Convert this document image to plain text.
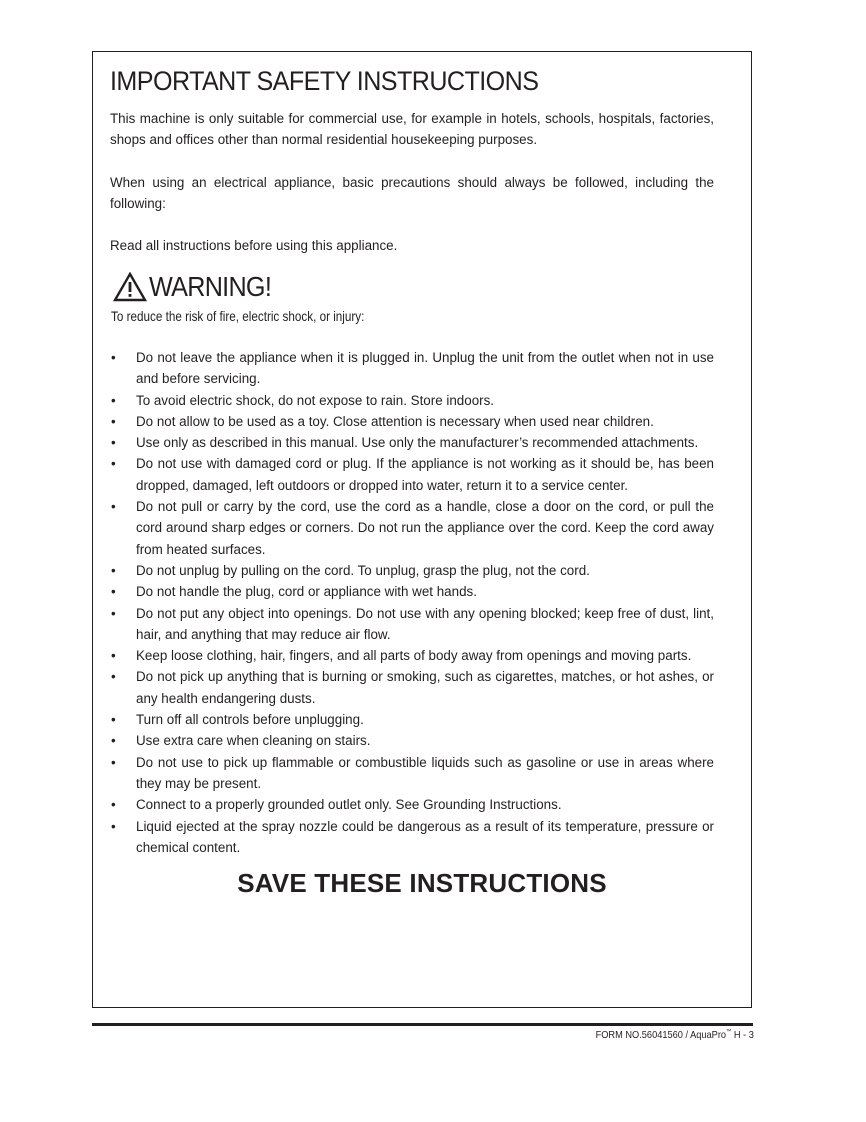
IMPORTANT SAFETY INSTRUCTIONS

This machine is only suitable for commercial use, for example in hotels, schools, hospitals, factories, shops and offices other than normal residential housekeeping purposes.

When using an electrical appliance, basic precautions should always be followed, including the following:

Read all instructions before using this appliance.

WARNING!
To reduce the risk of fire, electric shock, or injury:
• Do not leave the appliance when it is plugged in. Unplug the unit from the outlet when not in use and before servicing.
• To avoid electric shock, do not expose to rain. Store indoors.
• Do not allow to be used as a toy. Close attention is necessary when used near children.
• Use only as described in this manual. Use only the manufacturer’s recommended attachments.
• Do not use with damaged cord or plug. If the appliance is not working as it should be, has been dropped, damaged, left outdoors or dropped into water, return it to a service center.
• Do not pull or carry by the cord, use the cord as a handle, close a door on the cord, or pull the cord around sharp edges or corners. Do not run the appliance over the cord. Keep the cord away from heated surfaces.
• Do not unplug by pulling on the cord. To unplug, grasp the plug, not the cord.
• Do not handle the plug, cord or appliance with wet hands.
• Do not put any object into openings. Do not use with any opening blocked; keep free of dust, lint, hair, and anything that may reduce air flow.
• Keep loose clothing, hair, fingers, and all parts of body away from openings and moving parts.
• Do not pick up anything that is burning or smoking, such as cigarettes, matches, or hot ashes, or any health endangering dusts.
• Turn off all controls before unplugging.
• Use extra care when cleaning on stairs.
• Do not use to pick up flammable or combustible liquids such as gasoline or use in areas where they may be present.
• Connect to a properly grounded outlet only. See Grounding Instructions.
• Liquid ejected at the spray nozzle could be dangerous as a result of its temperature, pressure or chemical content.
SAVE THESE INSTRUCTIONS
FORM NO.56041560 / AquaPro™ H - 3
